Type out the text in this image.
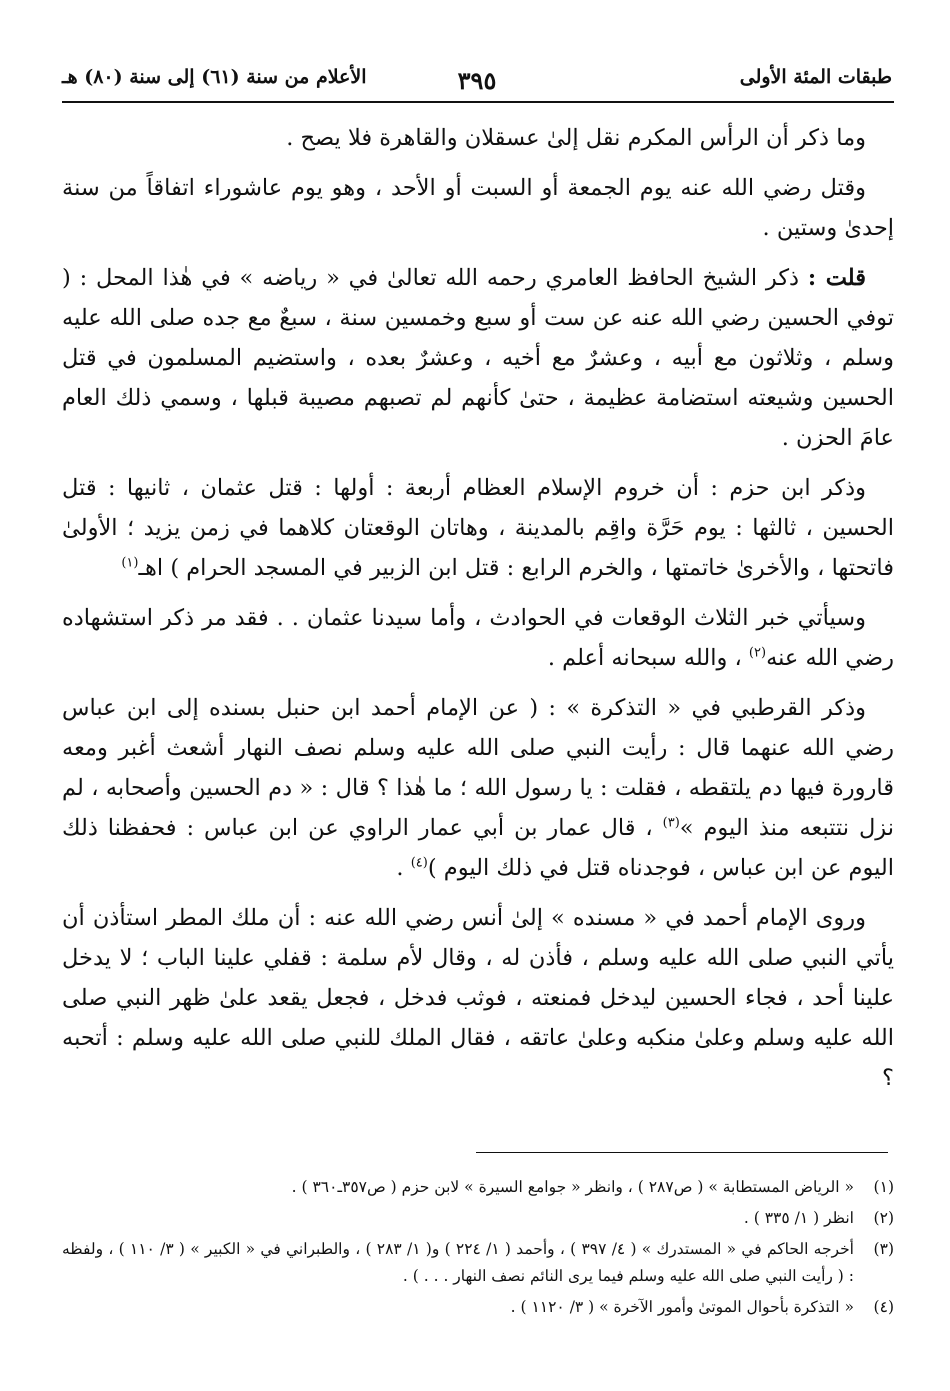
طبقات المئة الأولى
٣٩٥
الأعلام من سنة (٦١) إلى سنة (٨٠) هـ

وما ذكر أن الرأس المكرم نقل إلىٰ عسقلان والقاهرة فلا يصح .

وقتل رضي الله عنه يوم الجمعة أو السبت أو الأحد ، وهو يوم عاشوراء اتفاقاً من سنة إحدىٰ وستين .

قلت : ذكر الشيخ الحافظ العامري رحمه الله تعالىٰ في « رياضه » في هٰذا المحل : ( توفي الحسين رضي الله عنه عن ست أو سبع وخمسين سنة ، سبعٌ مع جده صلى الله عليه وسلم ، وثلاثون مع أبيه ، وعشرٌ مع أخيه ، وعشرٌ بعده ، واستضيم المسلمون في قتل الحسين وشيعته استضامة عظيمة ، حتىٰ كأنهم لم تصبهم مصيبة قبلها ، وسمي ذلك العام عامَ الحزن .

وذكر ابن حزم : أن خروم الإسلام العظام أربعة : أولها : قتل عثمان ، ثانيها : قتل الحسين ، ثالثها : يوم حَرَّة واقِم بالمدينة ، وهاتان الوقعتان كلاهما في زمن يزيد ؛ الأولىٰ فاتحتها ، والأخرىٰ خاتمتها ، والخرم الرابع : قتل ابن الزبير في المسجد الحرام ) اهـ$^{(١)}$

وسيأتي خبر الثلاث الوقعات في الحوادث ، وأما سيدنا عثمان . . فقد مر ذكر استشهاده رضي الله عنه$^{(٢)}$ ، والله سبحانه أعلم .

وذكر القرطبي في « التذكرة » : ( عن الإمام أحمد ابن حنبل بسنده إلى ابن عباس رضي الله عنهما قال : رأيت النبي صلى الله عليه وسلم نصف النهار أشعث أغبر ومعه قارورة فيها دم يلتقطه ، فقلت : يا رسول الله ؛ ما هٰذا ؟ قال : « دم الحسين وأصحابه ، لم نزل نتتبعه منذ اليوم »$^{(٣)}$ ، قال عمار بن أبي عمار الراوي عن ابن عباس : فحفظنا ذلك اليوم عن ابن عباس ، فوجدناه قتل في ذلك اليوم )$^{(٤)}$ .

وروى الإمام أحمد في « مسنده » إلىٰ أنس رضي الله عنه : أن ملك المطر استأذن أن يأتي النبي صلى الله عليه وسلم ، فأذن له ، وقال لأم سلمة : قفلي علينا الباب ؛ لا يدخل علينا أحد ، فجاء الحسين ليدخل فمنعته ، فوثب فدخل ، فجعل يقعد علىٰ ظهر النبي صلى الله عليه وسلم وعلىٰ منكبه وعلىٰ عاتقه ، فقال الملك للنبي صلى الله عليه وسلم : أتحبه ؟

(١)
« الرياض المستطابة » ( ص٢٨٧ ) ، وانظر « جوامع السيرة » لابن حزم ( ص٣٥٧ـ٣٦٠ ) .
(٢)
انظر ( ١/ ٣٣٥ ) .
(٣)
أخرجه الحاكم في « المستدرك » ( ٤/ ٣٩٧ ) ، وأحمد ( ١/ ٢٢٤ ) و( ١/ ٢٨٣ ) ، والطبراني في « الكبير » ( ٣/ ١١٠ ) ، ولفظه : ( رأيت النبي صلى الله عليه وسلم فيما يرى النائم نصف النهار . . . ) .
(٤)
« التذكرة بأحوال الموتىٰ وأمور الآخرة » ( ٣/ ١١٢٠ ) .
